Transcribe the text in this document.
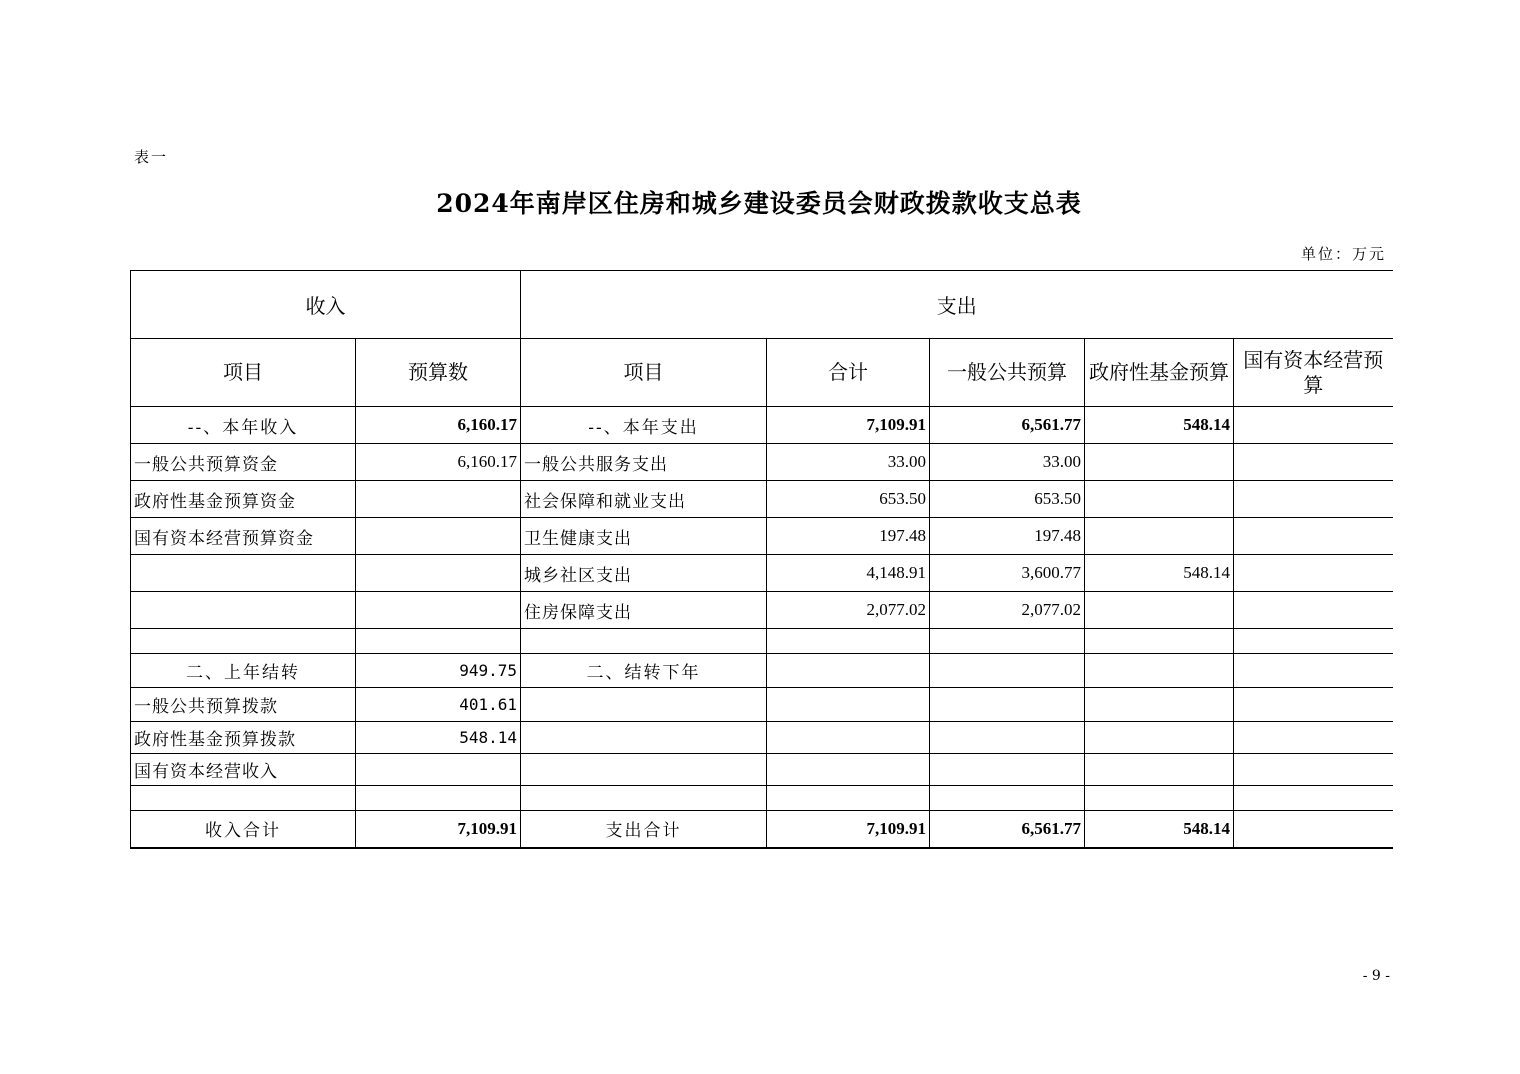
表一
2024年南岸区住房和城乡建设委员会财政拨款收支总表
单位：万元
收入		支出				
项目	预算数	项目	合计	一般公共预算	政府性基金预算	国有资本经营预算
--、本年收入	6,160.17	--、本年支出	7,109.91	6,561.77	548.14	
一般公共预算资金	6,160.17	一般公共服务支出	33.00	33.00		
政府性基金预算资金		社会保障和就业支出	653.50	653.50		
国有资本经营预算资金		卫生健康支出	197.48	197.48		
		城乡社区支出	4,148.91	3,600.77	548.14	
		住房保障支出	2,077.02	2,077.02		

二、上年结转	949.75	二、结转下年				
一般公共预算拨款	401.61					
政府性基金预算拨款	548.14					
国有资本经营收入						

收入合计	7,109.91	支出合计	7,109.91	6,561.77	548.14	
- 9 -
